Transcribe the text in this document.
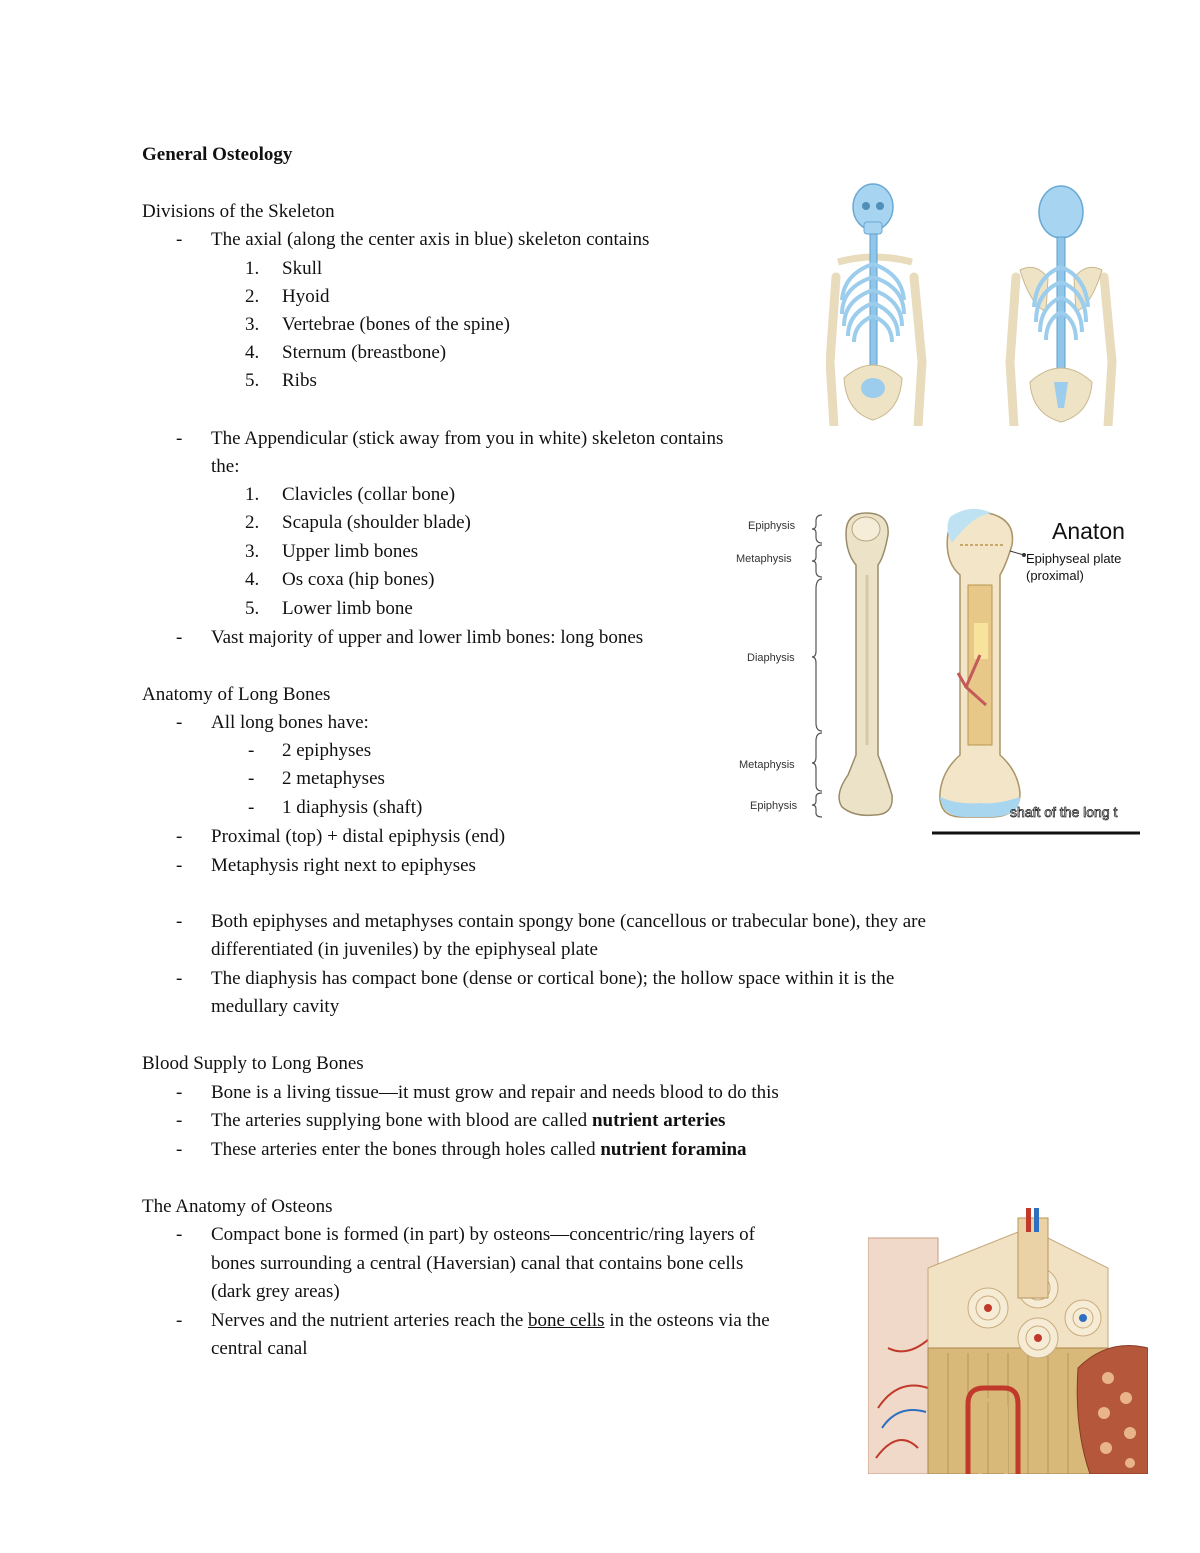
General Osteology
Divisions of the Skeleton
- The axial (along the center axis in blue) skeleton contains
1. Skull
2. Hyoid
3. Vertebrae (bones of the spine)
4. Sternum (breastbone)
5. Ribs
- The Appendicular (stick away from you in white) skeleton contains
the:
1. Clavicles (collar bone)
2. Scapula (shoulder blade)
3. Upper limb bones
4. Os coxa (hip bones)
5. Lower limb bone
- Vast majority of upper and lower limb bones: long bones
Anatomy of Long Bones
- All long bones have:
- 2 epiphyses
- 2 metaphyses
- 1 diaphysis (shaft)
- Proximal (top) + distal epiphysis (end)
- Metaphysis right next to epiphyses
- Both epiphyses and metaphyses contain spongy bone (cancellous or trabecular bone), they are
differentiated (in juveniles) by the epiphyseal plate
- The diaphysis has compact bone (dense or cortical bone); the hollow space within it is the
medullary cavity
Blood Supply to Long Bones
- Bone is a living tissue—it must grow and repair and needs blood to do this
- The arteries supplying bone with blood are called nutrient arteries
- These arteries enter the bones through holes called nutrient foramina
The Anatomy of Osteons
- Compact bone is formed (in part) by osteons—concentric/ring layers of
bones surrounding a central (Haversian) canal that contains bone cells
(dark grey areas)
- Nerves and the nutrient arteries reach the bone cells in the osteons via the
central canal
Epiphysis
Metaphysis
Diaphysis
Metaphysis
Epiphysis
Anaton
Epiphyseal plate
(proximal)
shaft of the long t
